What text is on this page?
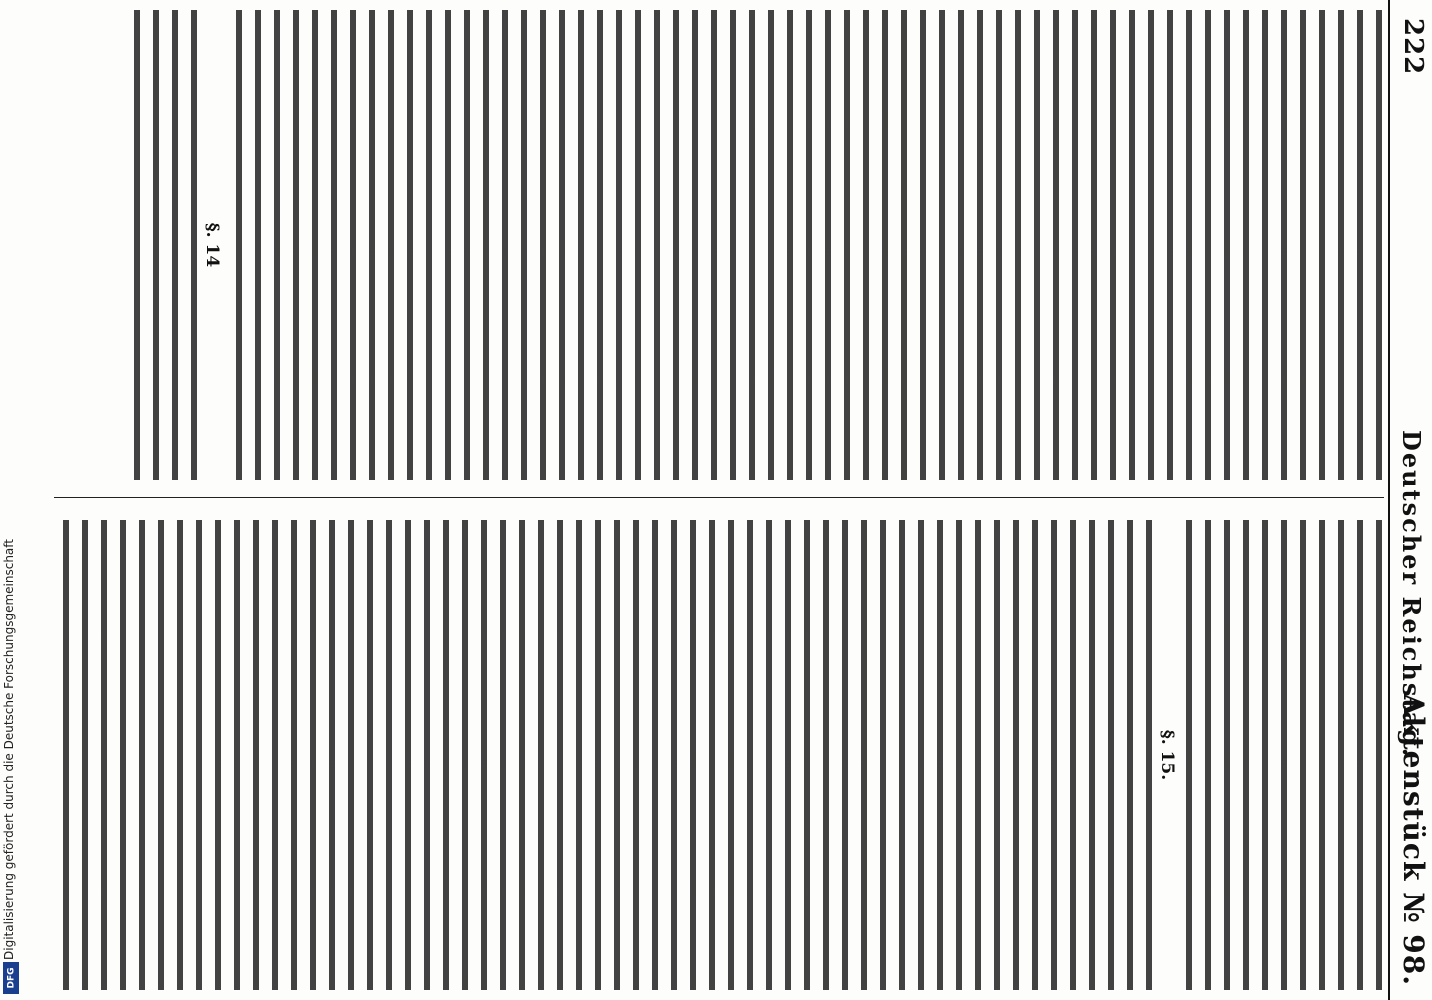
Digitalisierung gefördert durch die Deutsche Forschungsgemeinschaft
DFG
222
Deutscher Reichstag.
Aktenstück № 98.
§. 14
§. 15.
